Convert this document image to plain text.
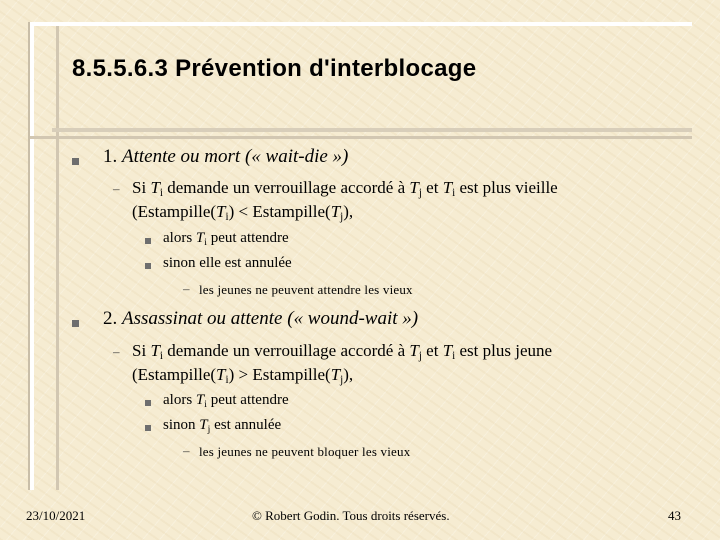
8.5.5.6.3 Prévention d'interblocage
1. Attente ou mort (« wait-die »)
– Si $T_i$ demande un verrouillage accordé à $T_j$ et $T_i$ est plus vieille
($Estampille(T_i)$ < $Estampille(T_j)$,
alors $T_i$ peut attendre
sinon elle est annulée
– les jeunes ne peuvent attendre les vieux
2. Assassinat ou attente (« wound-wait »)
– Si $T_i$ demande un verrouillage accordé à $T_j$ et $T_i$ est plus jeune
($Estampille(T_i)$ > $Estampille(T_j)$,
alors $T_i$ peut attendre
sinon $T_j$ est annulée
– les jeunes ne peuvent bloquer les vieux
23/10/2021	© Robert Godin. Tous droits réservés.	43
